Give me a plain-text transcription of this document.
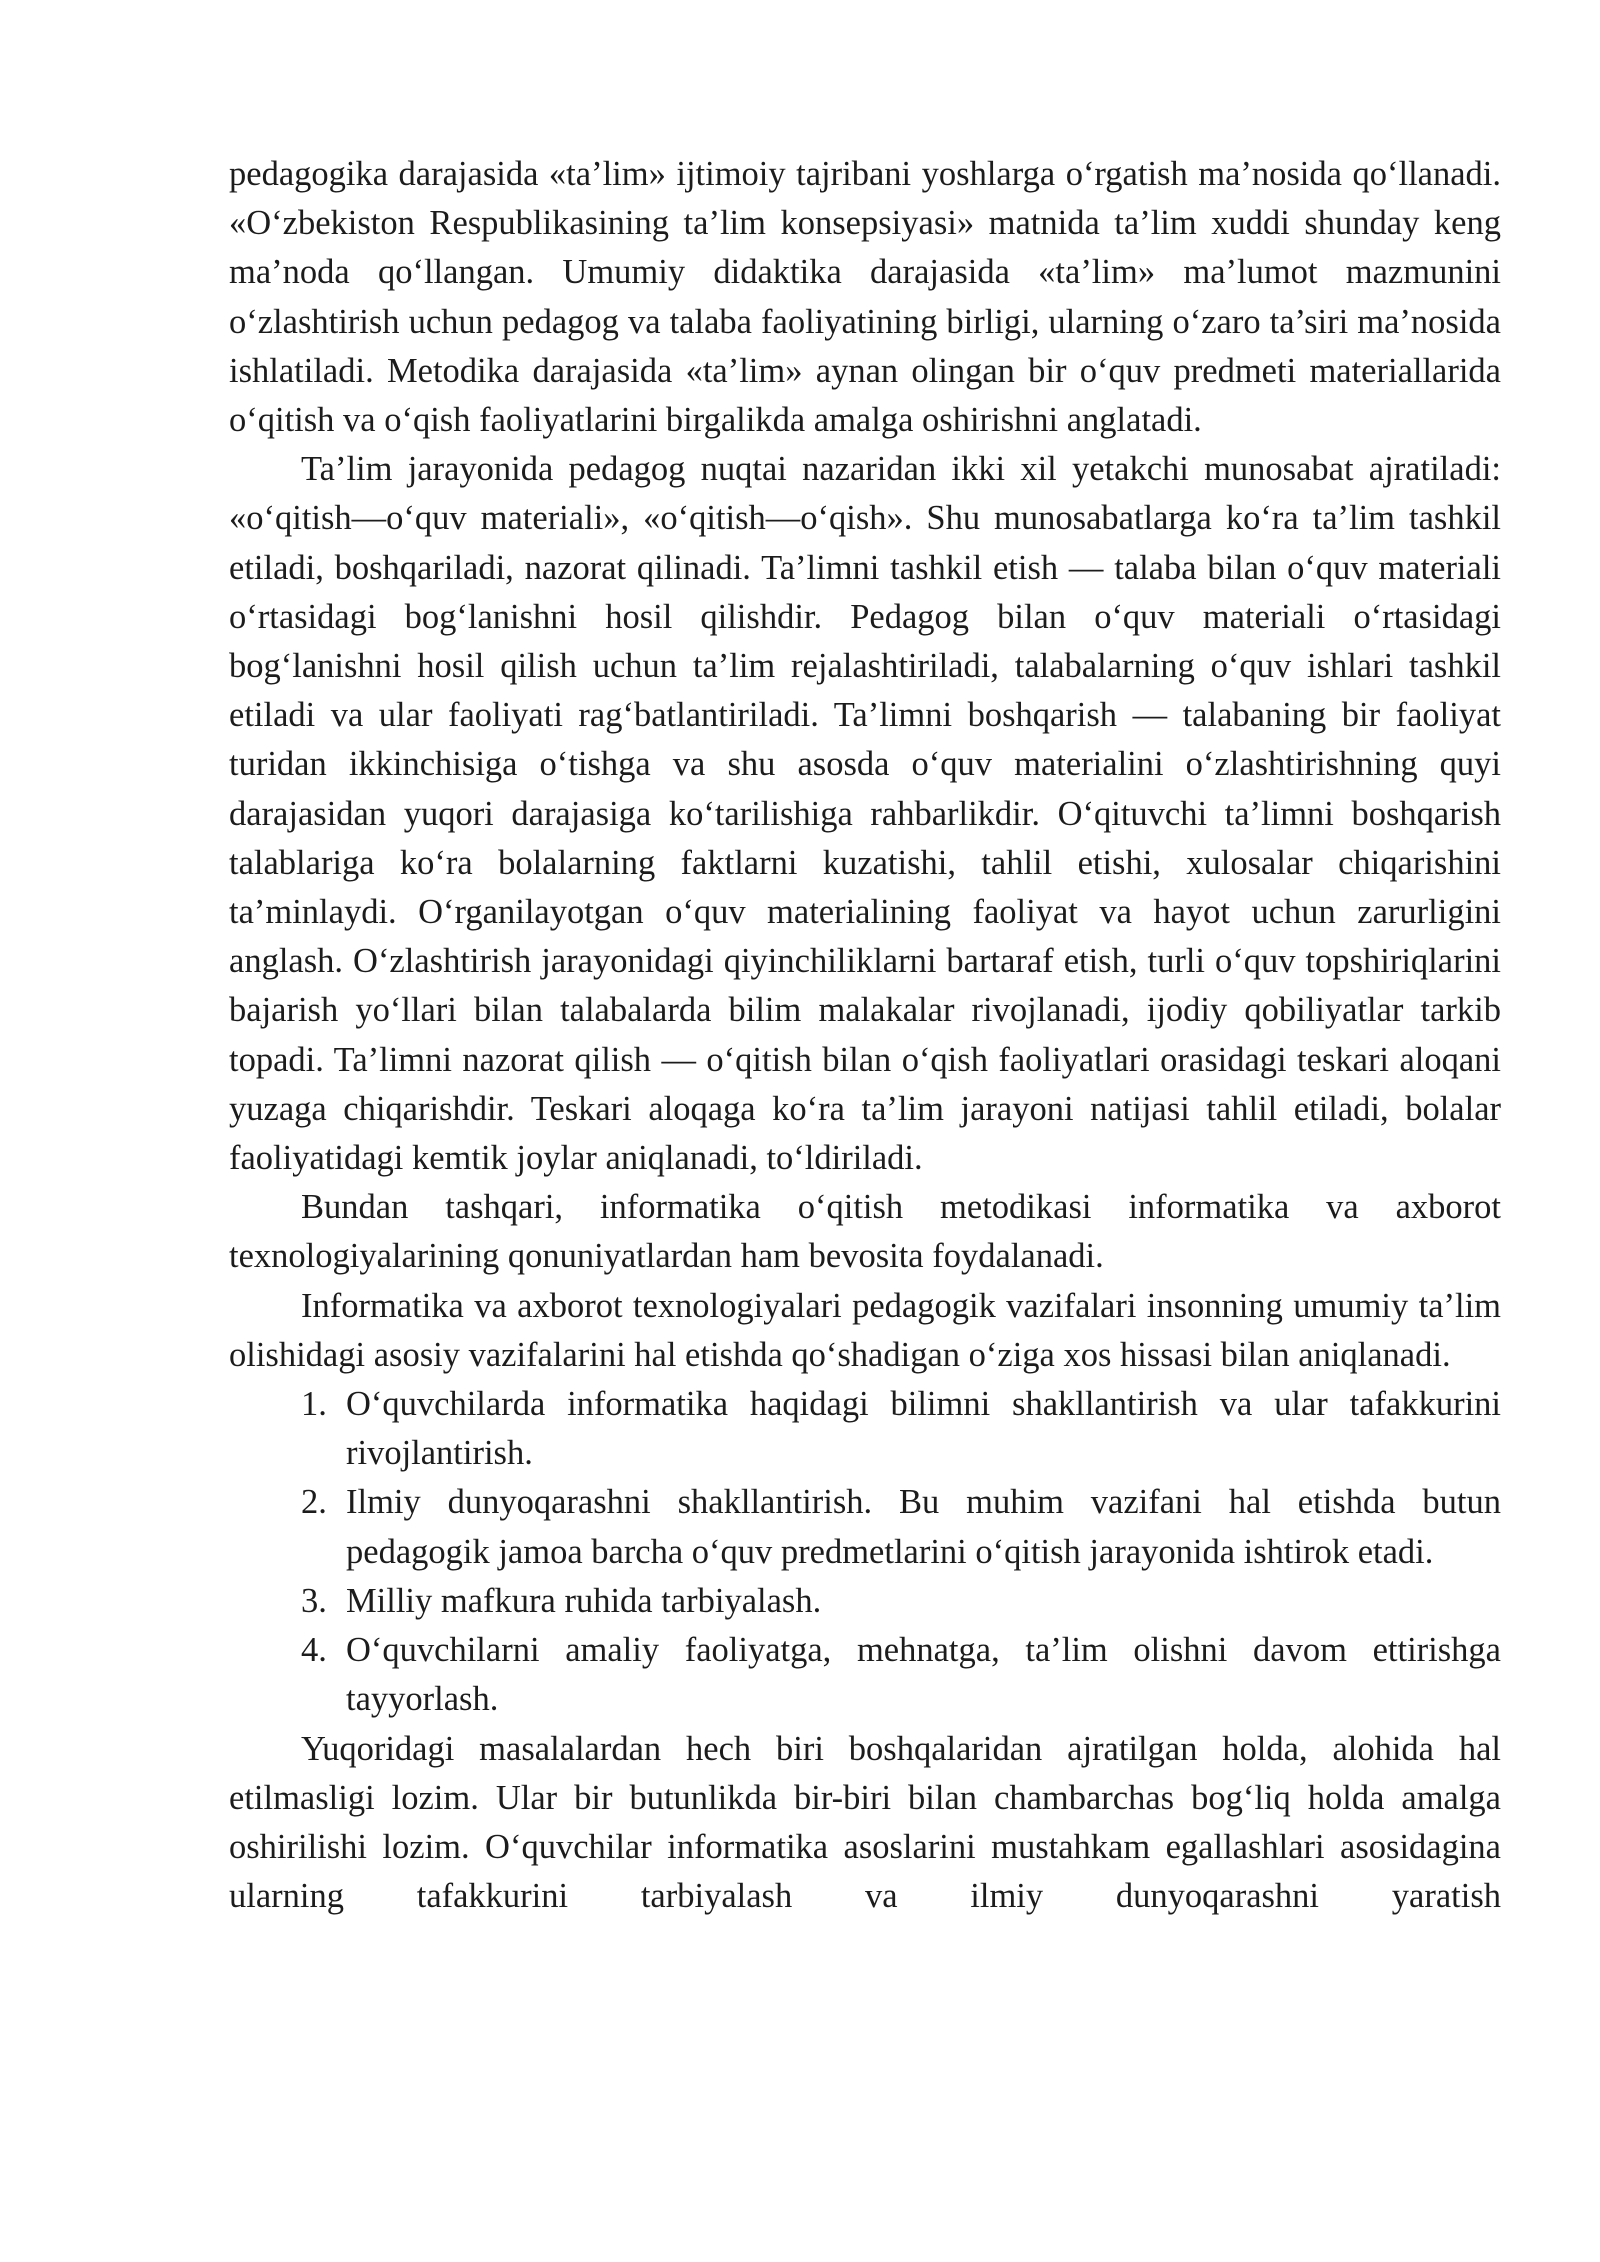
pedagogika darajasida «ta’lim» ijtimoiy tajribani yoshlarga o‘rgatish ma’nosida qo‘llanadi. «O‘zbekiston Respublikasining ta’lim konsepsiyasi» matnida ta’lim xuddi shunday keng ma’noda qo‘llangan. Umumiy didaktika darajasida «ta’lim» ma’lumot mazmunini o‘zlashtirish uchun pedagog va talaba faoliyatining birligi, ularning o‘zaro ta’siri ma’nosida ishlatiladi. Metodika darajasida «ta’lim» aynan olingan bir o‘quv predmeti materiallarida o‘qitish va o‘qish faoliyatlarini birgalikda amalga oshirishni anglatadi.

Ta’lim jarayonida pedagog nuqtai nazaridan ikki xil yetakchi munosabat ajratiladi: «o‘qitish—o‘quv materiali», «o‘qitish—o‘qish». Shu munosabatlarga ko‘ra ta’lim tashkil etiladi, boshqariladi, nazorat qilinadi. Ta’limni tashkil etish — talaba bilan o‘quv materiali o‘rtasidagi bog‘lanishni hosil qilishdir. Pedagog bilan o‘quv materiali o‘rtasidagi bog‘lanishni hosil qilish uchun ta’lim rejalashtiriladi, talabalarning o‘quv ishlari tashkil etiladi va ular faoliyati rag‘batlantiriladi. Ta’limni boshqarish — talabaning bir faoliyat turidan ikkinchisiga o‘tishga va shu asosda o‘quv materialini o‘zlashtirishning quyi darajasidan yuqori darajasiga ko‘tarilishiga rahbarlikdir. O‘qituvchi ta’limni boshqarish talablariga ko‘ra bolalarning faktlarni kuzatishi, tahlil etishi, xulosalar chiqarishini ta’minlaydi. O‘rganilayotgan o‘quv materialining faoliyat va hayot uchun zarurligini anglash. O‘zlashtirish jarayonidagi qiyinchiliklarni bartaraf etish, turli o‘quv topshiriqlarini bajarish yo‘llari bilan talabalarda bilim malakalar rivojlanadi, ijodiy qobiliyatlar tarkib topadi. Ta’limni nazorat qilish — o‘qitish bilan o‘qish faoliyatlari orasidagi teskari aloqani yuzaga chiqarishdir. Teskari aloqaga ko‘ra ta’lim jarayoni natijasi tahlil etiladi, bolalar faoliyatidagi kemtik joylar aniqlanadi, to‘ldiriladi.

Bundan tashqari, informatika o‘qitish metodikasi informatika va axborot texnologiyalarining qonuniyatlardan ham bevosita foydalanadi.

Informatika va axborot texnologiyalari pedagogik vazifalari insonning umumiy ta’lim olishidagi asosiy vazifalarini hal etishda qo‘shadigan o‘ziga xos hissasi bilan aniqlanadi.

1. O‘quvchilarda informatika haqidagi bilimni shakllantirish va ular tafakkurini rivojlantirish.
2. Ilmiy dunyoqarashni shakllantirish. Bu muhim vazifani hal etishda butun pedagogik jamoa barcha o‘quv predmetlarini o‘qitish jarayonida ishtirok etadi.
3. Milliy mafkura ruhida tarbiyalash.
4. O‘quvchilarni amaliy faoliyatga, mehnatga, ta’lim olishni davom ettirishga tayyorlash.

Yuqoridagi masalalardan hech biri boshqalaridan ajratilgan holda, alohida hal etilmasligi lozim. Ular bir butunlikda bir-biri bilan chambarchas bog‘liq holda amalga oshirilishi lozim. O‘quvchilar informatika asoslarini mustahkam egallashlari asosidagina ularning tafakkurini tarbiyalash va ilmiy dunyoqarashni yaratish
